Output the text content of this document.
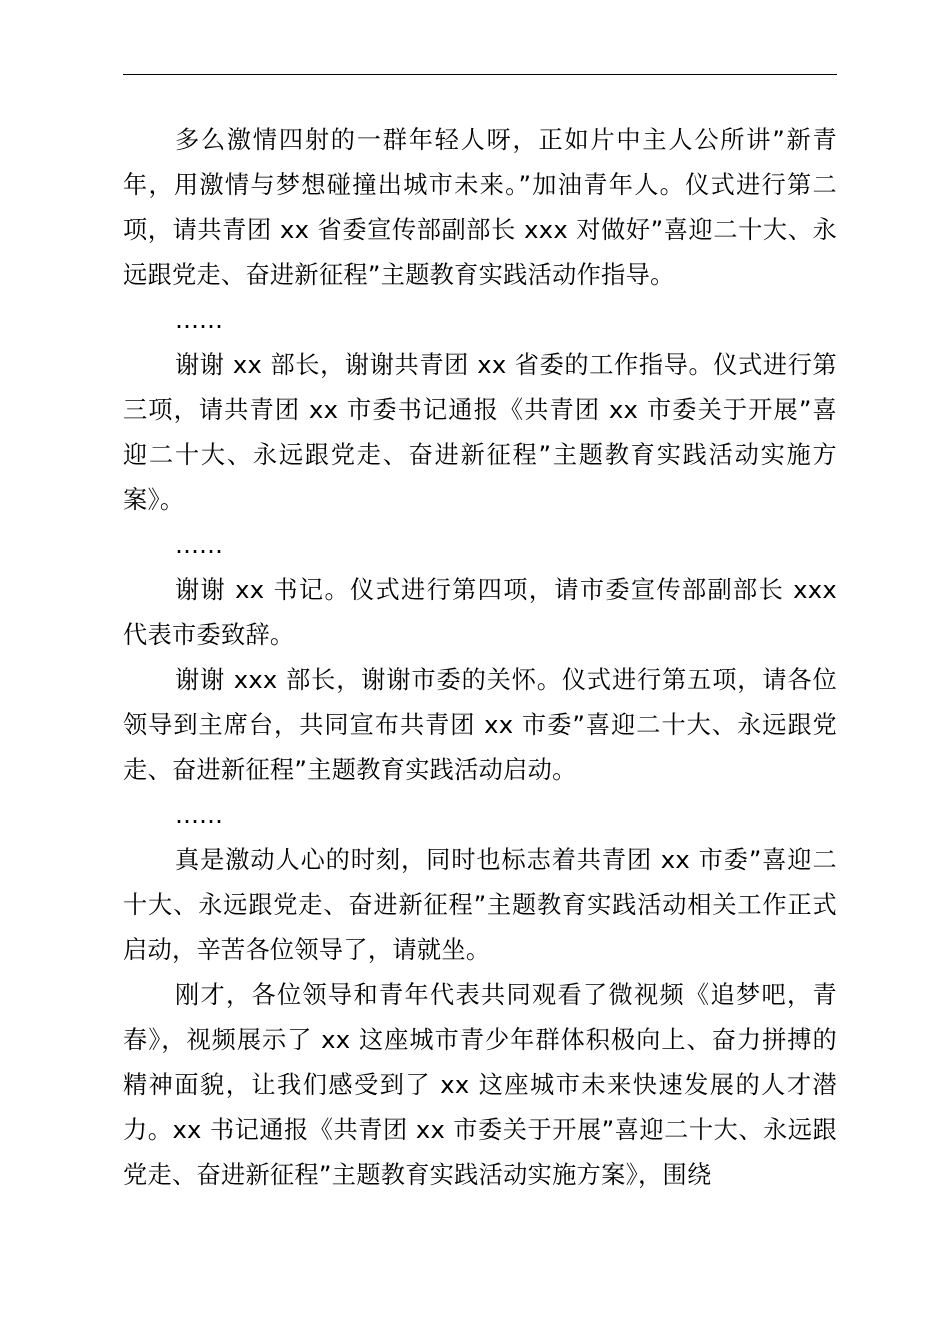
多么激情四射的一群年轻人呀，正如片中主人公所讲”新青年，用激情与梦想碰撞出城市未来。”加油青年人。仪式进行第二项，请共青团 xx 省委宣传部副部长 xxx 对做好”喜迎二十大、永远跟党走、奋进新征程”主题教育实践活动作指导。

……

谢谢 xx 部长，谢谢共青团 xx 省委的工作指导。仪式进行第三项，请共青团 xx 市委书记通报《共青团 xx 市委关于开展”喜迎二十大、永远跟党走、奋进新征程”主题教育实践活动实施方案》。

……

谢谢 xx 书记。仪式进行第四项，请市委宣传部副部长 xxx 代表市委致辞。

谢谢 xxx 部长，谢谢市委的关怀。仪式进行第五项，请各位领导到主席台，共同宣布共青团 xx 市委”喜迎二十大、永远跟党走、奋进新征程”主题教育实践活动启动。

……

真是激动人心的时刻，同时也标志着共青团 xx 市委”喜迎二十大、永远跟党走、奋进新征程”主题教育实践活动相关工作正式启动，辛苦各位领导了，请就坐。

刚才，各位领导和青年代表共同观看了微视频《追梦吧，青春》，视频展示了 xx 这座城市青少年群体积极向上、奋力拼搏的精神面貌，让我们感受到了 xx 这座城市未来快速发展的人才潜力。xx 书记通报《共青团 xx 市委关于开展”喜迎二十大、永远跟党走、奋进新征程”主题教育实践活动实施方案》，围绕
